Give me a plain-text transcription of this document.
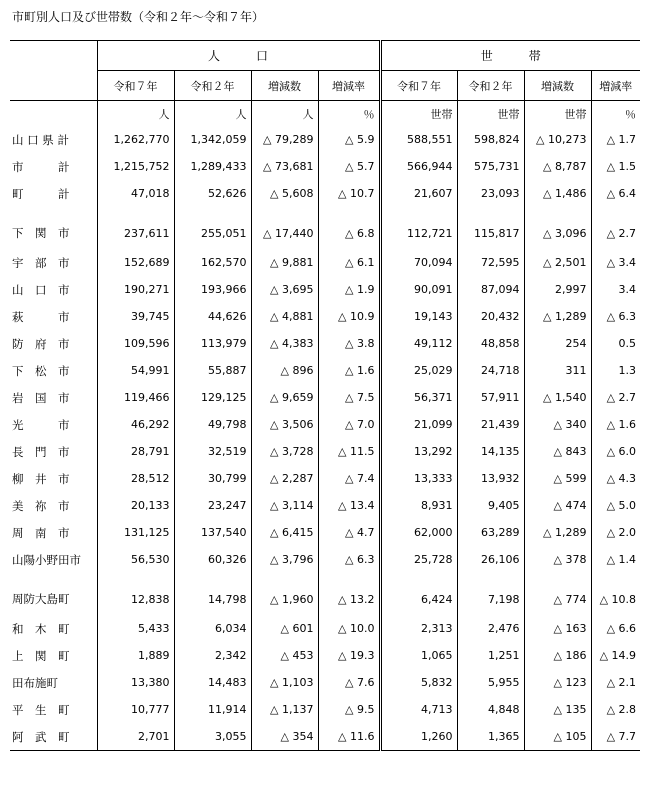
市町別人口及び世帯数（令和２年～令和７年）
	人　　　口				世　　　帯			
	令和７年	令和２年	増減数	増減率	令和７年	令和２年	増減数	増減率
	人	人	人	％	世帯	世帯	世帯	％
山 口 県 計	1,262,770	1,342,059	△ 79,289	△ 5.9	588,551	598,824	△ 10,273	△ 1.7
市　　　計	1,215,752	1,289,433	△ 73,681	△ 5.7	566,944	575,731	△ 8,787	△ 1.5
町　　　計	47,018	52,626	△ 5,608	△ 10.7	21,607	23,093	△ 1,486	△ 6.4
下　関　市	237,611	255,051	△ 17,440	△ 6.8	112,721	115,817	△ 3,096	△ 2.7
宇　部　市	152,689	162,570	△ 9,881	△ 6.1	70,094	72,595	△ 2,501	△ 3.4
山　口　市	190,271	193,966	△ 3,695	△ 1.9	90,091	87,094	2,997	3.4
萩　　　市	39,745	44,626	△ 4,881	△ 10.9	19,143	20,432	△ 1,289	△ 6.3
防　府　市	109,596	113,979	△ 4,383	△ 3.8	49,112	48,858	254	0.5
下　松　市	54,991	55,887	△ 896	△ 1.6	25,029	24,718	311	1.3
岩　国　市	119,466	129,125	△ 9,659	△ 7.5	56,371	57,911	△ 1,540	△ 2.7
光　　　市	46,292	49,798	△ 3,506	△ 7.0	21,099	21,439	△ 340	△ 1.6
長　門　市	28,791	32,519	△ 3,728	△ 11.5	13,292	14,135	△ 843	△ 6.0
柳　井　市	28,512	30,799	△ 2,287	△ 7.4	13,333	13,932	△ 599	△ 4.3
美　祢　市	20,133	23,247	△ 3,114	△ 13.4	8,931	9,405	△ 474	△ 5.0
周　南　市	131,125	137,540	△ 6,415	△ 4.7	62,000	63,289	△ 1,289	△ 2.0
山陽小野田市	56,530	60,326	△ 3,796	△ 6.3	25,728	26,106	△ 378	△ 1.4
周防大島町	12,838	14,798	△ 1,960	△ 13.2	6,424	7,198	△ 774	△ 10.8
和　木　町	5,433	6,034	△ 601	△ 10.0	2,313	2,476	△ 163	△ 6.6
上　関　町	1,889	2,342	△ 453	△ 19.3	1,065	1,251	△ 186	△ 14.9
田布施町	13,380	14,483	△ 1,103	△ 7.6	5,832	5,955	△ 123	△ 2.1
平　生　町	10,777	11,914	△ 1,137	△ 9.5	4,713	4,848	△ 135	△ 2.8
阿　武　町	2,701	3,055	△ 354	△ 11.6	1,260	1,365	△ 105	△ 7.7
